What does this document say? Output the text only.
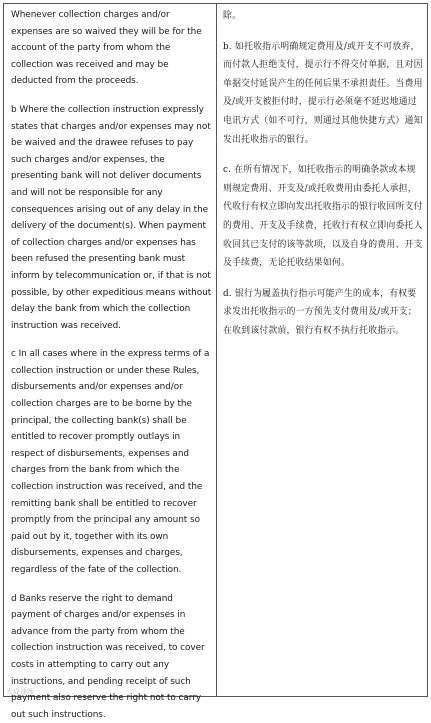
Whenever collection charges and/or expenses are so waived they will be for the account of the party from whom the collection was received and may be deducted from the proceeds.

b Where the collection instruction expressly states that charges and/or expenses may not be waived and the drawee refuses to pay such charges and/or expenses, the presenting bank will not deliver documents and will not be responsible for any consequences arising out of any delay in the delivery of the document(s). When payment of collection charges and/or expenses has been refused the presenting bank must inform by telecommunication or, if that is not possible, by other expeditious means without delay the bank from which the collection instruction was received.

c In all cases where in the express terms of a collection instruction or under these Rules, disbursements and/or expenses and/or collection charges are to be borne by the principal, the collecting bank(s) shall be entitled to recover promptly outlays in respect of disbursements, expenses and charges from the bank from which the collection instruction was received, and the remitting bank shall be entitled to recover promptly from the principal any amount so paid out by it, together with its own disbursements, expenses and charges, regardless of the fate of the collection.

d Banks reserve the right to demand payment of charges and/or expenses in advance from the party from whom the collection instruction was received, to cover costs in attempting to carry out any instructions, and pending receipt of such payment also reserve the right not to carry out such instructions.

除。

b. 如托收指示明确规定费用及/或开支不可放弃，而付款人拒绝支付，提示行不得交付单据，且对因单据交付延误产生的任何后果不承担责任。当费用及/或开支被拒付时，提示行必须毫不延迟地通过电讯方式（如不可行，则通过其他快捷方式）通知发出托收指示的银行。

c. 在所有情况下，如托收指示的明确条款或本规则规定费用、开支及/或托收费用由委托人承担，代收行有权立即向发出托收指示的银行收回所支付的费用、开支及手续费，托收行有权立即向委托人收回其已支付的该等款项，以及自身的费用、开支及手续费，无论托收结果如何。

d. 银行为履盖执行指示可能产生的成本，有权要求发出托收指示的一方预先支付费用及/或开支；在收到该付款前，银行有权不执行托收指示。

大成律师
